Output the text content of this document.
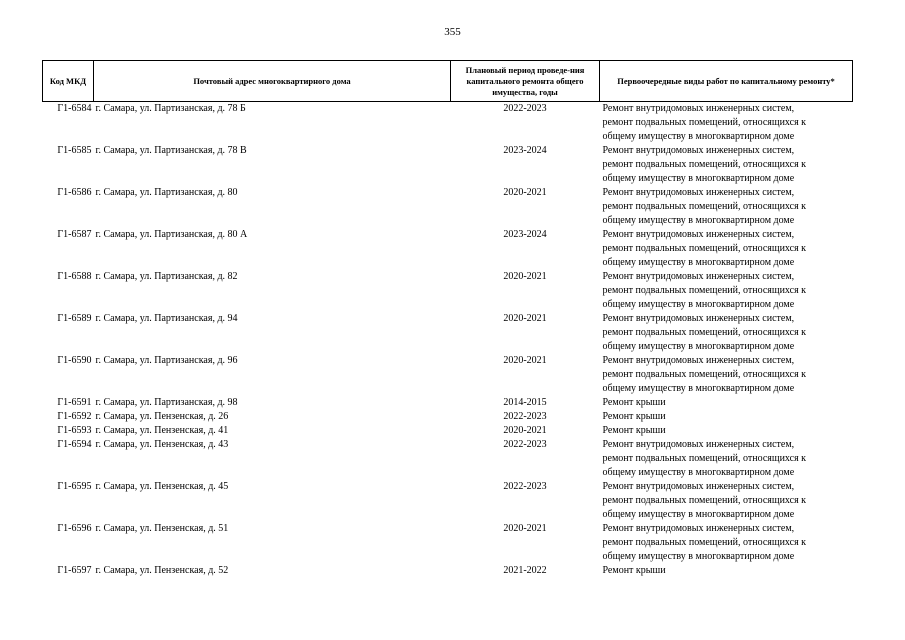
355
Код МКД	Почтовый адрес многоквартирного дома	Плановый период проведе-ния капитального ремонта общего имущества, годы	Первоочередные виды работ по капитальному ремонту*
Г1-6584	г. Самара, ул. Партизанская, д. 78 Б	2022-2023	Ремонт внутридомовых инженерных систем,
ремонт подвальных помещений, относящихся к
общему имуществу в многоквартирном доме

Г1-6585	г. Самара, ул. Партизанская, д. 78 В	2023-2024	Ремонт внутридомовых инженерных систем,
ремонт подвальных помещений, относящихся к
общему имуществу в многоквартирном доме

Г1-6586	г. Самара, ул. Партизанская, д. 80	2020-2021	Ремонт внутридомовых инженерных систем,
ремонт подвальных помещений, относящихся к
общему имуществу в многоквартирном доме

Г1-6587	г. Самара, ул. Партизанская, д. 80 А	2023-2024	Ремонт внутридомовых инженерных систем,
ремонт подвальных помещений, относящихся к
общему имуществу в многоквартирном доме

Г1-6588	г. Самара, ул. Партизанская, д. 82	2020-2021	Ремонт внутридомовых инженерных систем,
ремонт подвальных помещений, относящихся к
общему имуществу в многоквартирном доме

Г1-6589	г. Самара, ул. Партизанская, д. 94	2020-2021	Ремонт внутридомовых инженерных систем,
ремонт подвальных помещений, относящихся к
общему имуществу в многоквартирном доме

Г1-6590	г. Самара, ул. Партизанская, д. 96	2020-2021	Ремонт внутридомовых инженерных систем,
ремонт подвальных помещений, относящихся к
общему имуществу в многоквартирном доме

Г1-6591	г. Самара, ул. Партизанская, д. 98	2014-2015	Ремонт крыши

Г1-6592	г. Самара, ул. Пензенская, д. 26	2022-2023	Ремонт крыши

Г1-6593	г. Самара, ул. Пензенская, д. 41	2020-2021	Ремонт крыши

Г1-6594	г. Самара, ул. Пензенская, д. 43	2022-2023	Ремонт внутридомовых инженерных систем,
ремонт подвальных помещений, относящихся к
общему имуществу в многоквартирном доме

Г1-6595	г. Самара, ул. Пензенская, д. 45	2022-2023	Ремонт внутридомовых инженерных систем,
ремонт подвальных помещений, относящихся к
общему имуществу в многоквартирном доме

Г1-6596	г. Самара, ул. Пензенская, д. 51	2020-2021	Ремонт внутридомовых инженерных систем,
ремонт подвальных помещений, относящихся к
общему имуществу в многоквартирном доме

Г1-6597	г. Самара, ул. Пензенская, д. 52	2021-2022	Ремонт крыши
